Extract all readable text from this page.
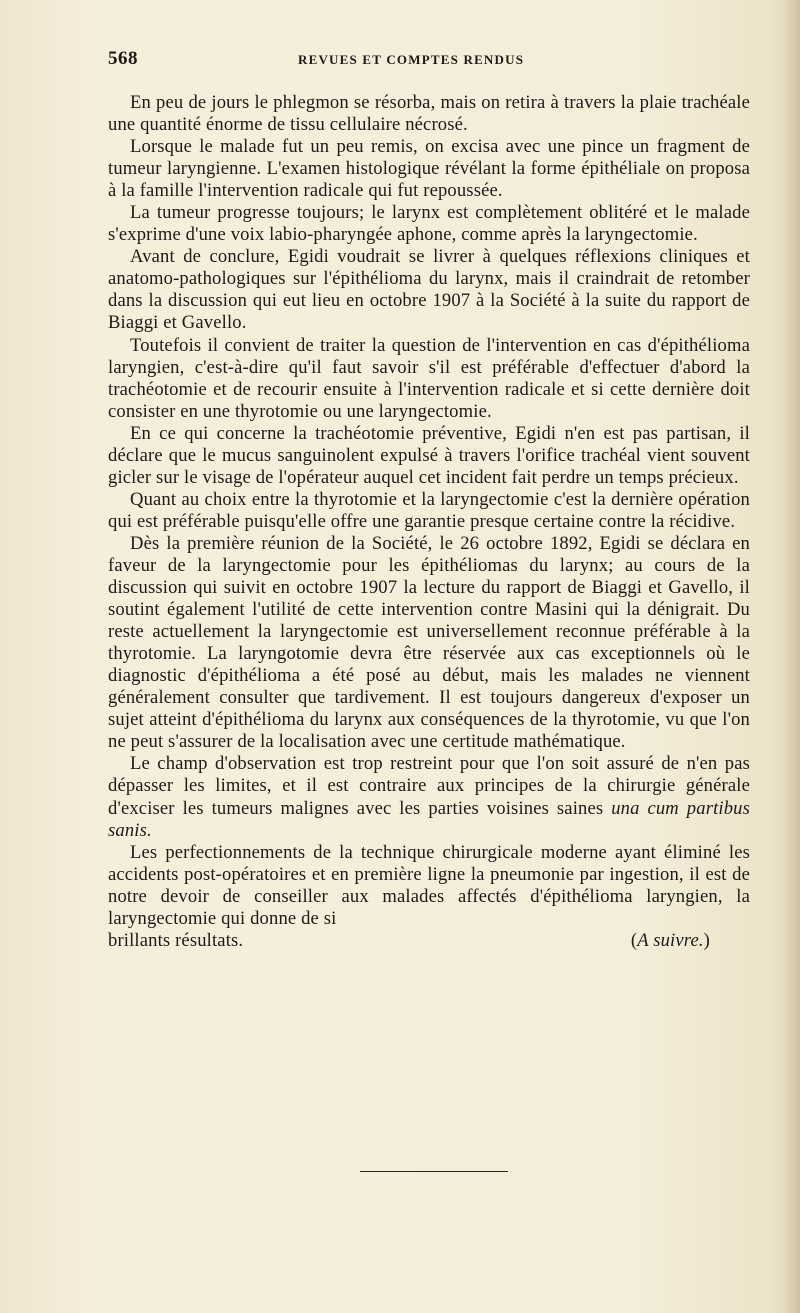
568	REVUES ET COMPTES RENDUS

En peu de jours le phlegmon se résorba, mais on retira à travers la plaie trachéale une quantité énorme de tissu cellulaire nécrosé.

Lorsque le malade fut un peu remis, on excisa avec une pince un fragment de tumeur laryngienne. L'examen histologique révélant la forme épithéliale on proposa à la famille l'intervention radicale qui fut repoussée.

La tumeur progresse toujours; le larynx est complètement oblitéré et le malade s'exprime d'une voix labio-pharyngée aphone, comme après la laryngectomie.

Avant de conclure, Egidi voudrait se livrer à quelques réflexions cliniques et anatomo-pathologiques sur l'épithélioma du larynx, mais il craindrait de retomber dans la discussion qui eut lieu en octobre 1907 à la Société à la suite du rapport de Biaggi et Gavello.

Toutefois il convient de traiter la question de l'intervention en cas d'épithélioma laryngien, c'est-à-dire qu'il faut savoir s'il est préférable d'effectuer d'abord la trachéotomie et de recourir ensuite à l'intervention radicale et si cette dernière doit consister en une thyrotomie ou une laryngectomie.

En ce qui concerne la trachéotomie préventive, Egidi n'en est pas partisan, il déclare que le mucus sanguinolent expulsé à travers l'orifice trachéal vient souvent gicler sur le visage de l'opérateur auquel cet incident fait perdre un temps précieux.

Quant au choix entre la thyrotomie et la laryngectomie c'est la dernière opération qui est préférable puisqu'elle offre une garantie presque certaine contre la récidive.

Dès la première réunion de la Société, le 26 octobre 1892, Egidi se déclara en faveur de la laryngectomie pour les épithéliomas du larynx; au cours de la discussion qui suivit en octobre 1907 la lecture du rapport de Biaggi et Gavello, il soutint également l'utilité de cette intervention contre Masini qui la dénigrait. Du reste actuellement la laryngectomie est universellement reconnue préférable à la thyrotomie. La laryngotomie devra être réservée aux cas exceptionnels où le diagnostic d'épithélioma a été posé au début, mais les malades ne viennent généralement consulter que tardivement. Il est toujours dangereux d'exposer un sujet atteint d'épithélioma du larynx aux conséquences de la thyrotomie, vu que l'on ne peut s'assurer de la localisation avec une certitude mathématique.

Le champ d'observation est trop restreint pour que l'on soit assuré de n'en pas dépasser les limites, et il est contraire aux principes de la chirurgie générale d'exciser les tumeurs malignes avec les parties voisines saines una cum partibus sanis.

Les perfectionnements de la technique chirurgicale moderne ayant éliminé les accidents post-opératoires et en première ligne la pneumonie par ingestion, il est de notre devoir de conseiller aux malades affectés d'épithélioma laryngien, la laryngectomie qui donne de si

brillants résultats.	(A suivre.)
